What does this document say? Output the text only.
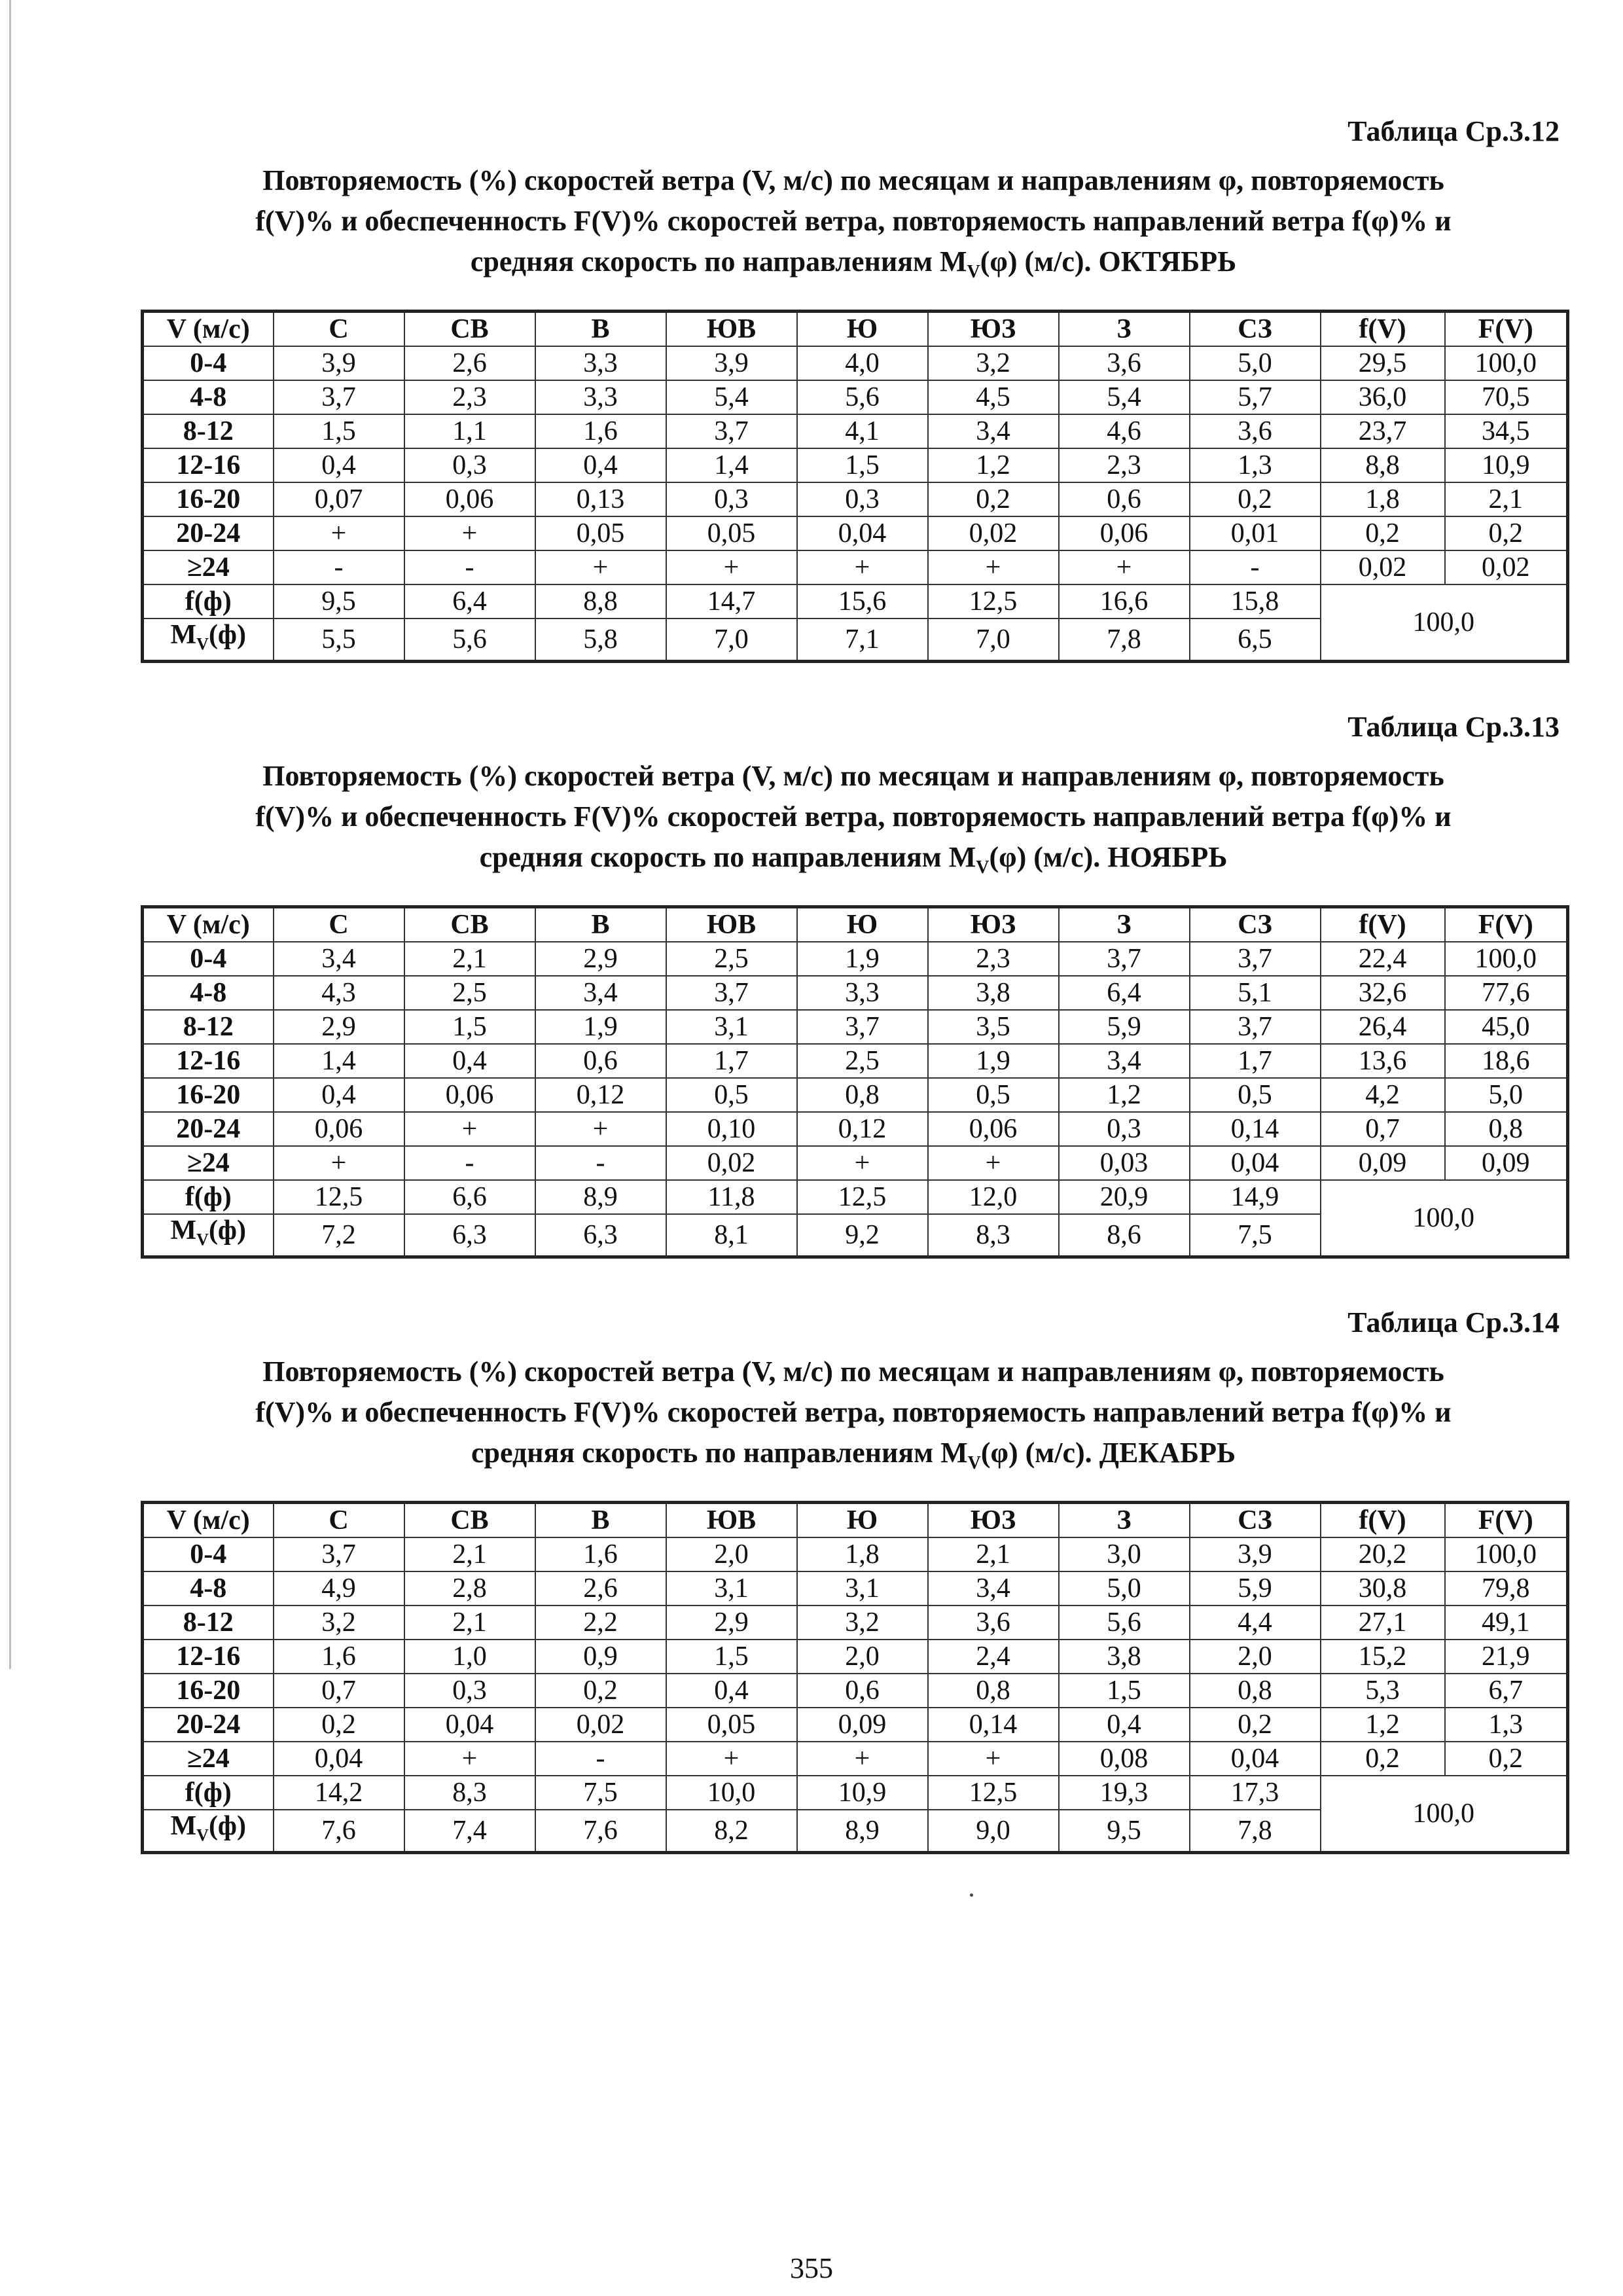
Таблица Ср.3.12
Повторяемость (%) скоростей ветра (V, м/с) по месяцам и направлениям φ, повторяемость
f(V)% и обеспеченность F(V)% скоростей ветра, повторяемость направлений ветра f(φ)% и
средняя скорость по направлениям $M_V(\varphi)$ (м/с). ОКТЯБРЬ
V (м/с)	С	СВ	В	ЮВ	Ю	ЮЗ	З	СЗ	f(V)	F(V)
0-4	3,9	2,6	3,3	3,9	4,0	3,2	3,6	5,0	29,5	100,0
4-8	3,7	2,3	3,3	5,4	5,6	4,5	5,4	5,7	36,0	70,5
8-12	1,5	1,1	1,6	3,7	4,1	3,4	4,6	3,6	23,7	34,5
12-16	0,4	0,3	0,4	1,4	1,5	1,2	2,3	1,3	8,8	10,9
16-20	0,07	0,06	0,13	0,3	0,3	0,2	0,6	0,2	1,8	2,1
20-24	+	+	0,05	0,05	0,04	0,02	0,06	0,01	0,2	0,2
≥24	-	-	+	+	+	+	+	-	0,02	0,02
f(ф)	9,5	6,4	8,8	14,7	15,6	12,5	16,6	15,8	100,0	
$M_V(ф)$	5,5	5,6	5,8	7,0	7,1	7,0	7,8	6,5		
Таблица Ср.3.13
Повторяемость (%) скоростей ветра (V, м/с) по месяцам и направлениям φ, повторяемость
f(V)% и обеспеченность F(V)% скоростей ветра, повторяемость направлений ветра f(φ)% и
средняя скорость по направлениям $M_V(\varphi)$ (м/с). НОЯБРЬ
V (м/с)	С	СВ	В	ЮВ	Ю	ЮЗ	З	СЗ	f(V)	F(V)
0-4	3,4	2,1	2,9	2,5	1,9	2,3	3,7	3,7	22,4	100,0
4-8	4,3	2,5	3,4	3,7	3,3	3,8	6,4	5,1	32,6	77,6
8-12	2,9	1,5	1,9	3,1	3,7	3,5	5,9	3,7	26,4	45,0
12-16	1,4	0,4	0,6	1,7	2,5	1,9	3,4	1,7	13,6	18,6
16-20	0,4	0,06	0,12	0,5	0,8	0,5	1,2	0,5	4,2	5,0
20-24	0,06	+	+	0,10	0,12	0,06	0,3	0,14	0,7	0,8
≥24	+	-	-	0,02	+	+	0,03	0,04	0,09	0,09
f(ф)	12,5	6,6	8,9	11,8	12,5	12,0	20,9	14,9	100,0	
$M_V(ф)$	7,2	6,3	6,3	8,1	9,2	8,3	8,6	7,5		
Таблица Ср.3.14
Повторяемость (%) скоростей ветра (V, м/с) по месяцам и направлениям φ, повторяемость
f(V)% и обеспеченность F(V)% скоростей ветра, повторяемость направлений ветра f(φ)% и
средняя скорость по направлениям $M_V(\varphi)$ (м/с). ДЕКАБРЬ
V (м/с)	С	СВ	В	ЮВ	Ю	ЮЗ	З	СЗ	f(V)	F(V)
0-4	3,7	2,1	1,6	2,0	1,8	2,1	3,0	3,9	20,2	100,0
4-8	4,9	2,8	2,6	3,1	3,1	3,4	5,0	5,9	30,8	79,8
8-12	3,2	2,1	2,2	2,9	3,2	3,6	5,6	4,4	27,1	49,1
12-16	1,6	1,0	0,9	1,5	2,0	2,4	3,8	2,0	15,2	21,9
16-20	0,7	0,3	0,2	0,4	0,6	0,8	1,5	0,8	5,3	6,7
20-24	0,2	0,04	0,02	0,05	0,09	0,14	0,4	0,2	1,2	1,3
≥24	0,04	+	-	+	+	+	0,08	0,04	0,2	0,2
f(ф)	14,2	8,3	7,5	10,0	10,9	12,5	19,3	17,3	100,0	
$M_V(ф)$	7,6	7,4	7,6	8,2	8,9	9,0	9,5	7,8		
355
